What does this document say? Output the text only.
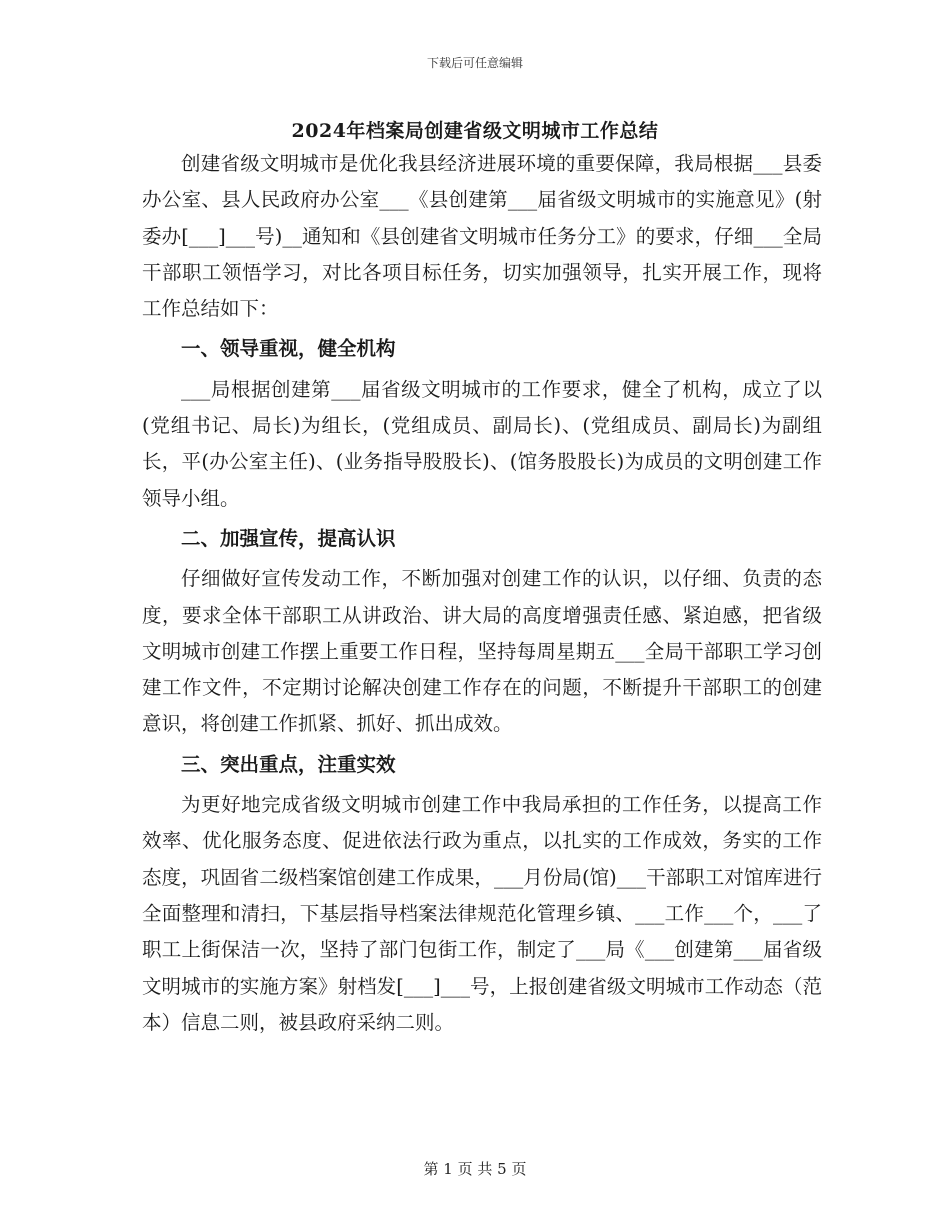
下载后可任意编辑
2024年档案局创建省级文明城市工作总结

创建省级文明城市是优化我县经济进展环境的重要保障，我局根据___县委办公室、县人民政府办公室___《县创建第___届省级文明城市的实施意见》(射委办[___]___号)__通知和《县创建省文明城市任务分工》的要求，仔细___全局干部职工领悟学习，对比各项目标任务，切实加强领导，扎实开展工作，现将工作总结如下：

一、领导重视，健全机构

___局根据创建第___届省级文明城市的工作要求，健全了机构，成立了以(党组书记、局长)为组长，(党组成员、副局长)、(党组成员、副局长)为副组长，平(办公室主任)、(业务指导股股长)、(馆务股股长)为成员的文明创建工作领导小组。

二、加强宣传，提高认识

仔细做好宣传发动工作，不断加强对创建工作的认识，以仔细、负责的态度，要求全体干部职工从讲政治、讲大局的高度增强责任感、紧迫感，把省级文明城市创建工作摆上重要工作日程，坚持每周星期五___全局干部职工学习创建工作文件，不定期讨论解决创建工作存在的问题，不断提升干部职工的创建意识，将创建工作抓紧、抓好、抓出成效。

三、突出重点，注重实效

为更好地完成省级文明城市创建工作中我局承担的工作任务，以提高工作效率、优化服务态度、促进依法行政为重点，以扎实的工作成效，务实的工作态度，巩固省二级档案馆创建工作成果，___月份局(馆)___干部职工对馆库进行全面整理和清扫，下基层指导档案法律规范化管理乡镇、___工作___个，___了职工上街保洁一次，坚持了部门包街工作，制定了___局《___创建第___届省级文明城市的实施方案》射档发[___]___号，上报创建省级文明城市工作动态（范本）信息二则，被县政府采纳二则。

第 1 页 共 5 页
